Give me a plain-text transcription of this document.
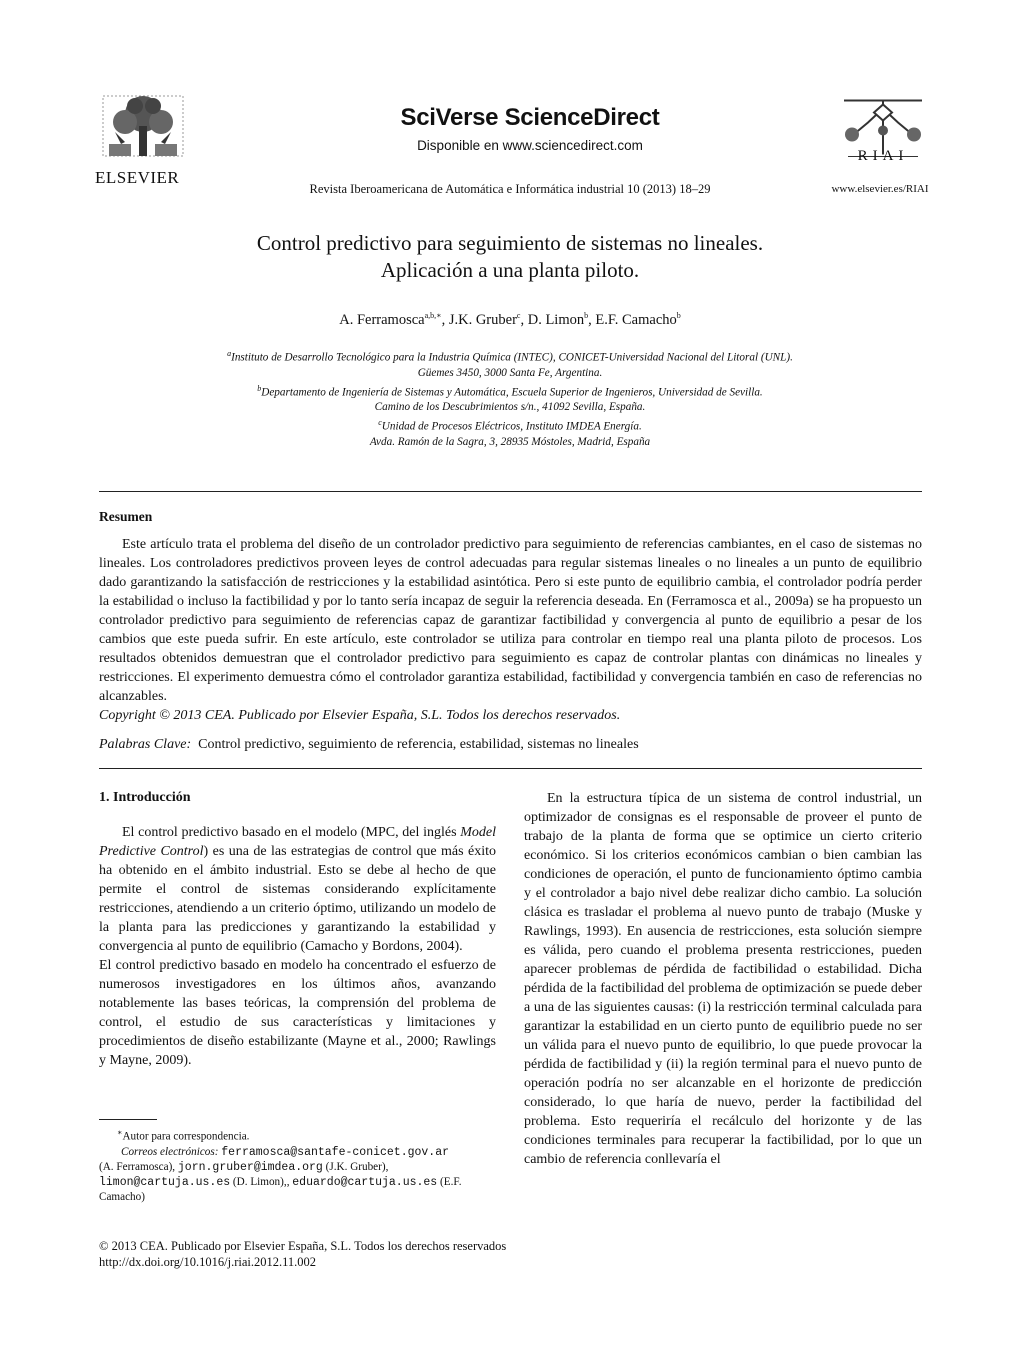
ELSEVIER
SciVerse ScienceDirect
Disponible en www.sciencedirect.com
Revista Iberoamericana de Automática e Informática industrial 10 (2013) 18–29
RIAI
www.elsevier.es/RIAI
Control predictivo para seguimiento de sistemas no lineales.
Aplicación a una planta piloto.
A. Ferramosca$^{a,b,∗}$, J.K. Gruber$^c$, D. Limon$^b$, E.F. Camacho$^b$
$^a$Instituto de Desarrollo Tecnológico para la Industria Química (INTEC), CONICET-Universidad Nacional del Litoral (UNL).
Güemes 3450, 3000 Santa Fe, Argentina.
$^b$Departamento de Ingeniería de Sistemas y Automática, Escuela Superior de Ingenieros, Universidad de Sevilla.
Camino de los Descubrimientos s/n., 41092 Sevilla, España.
$^c$Unidad de Procesos Eléctricos, Instituto IMDEA Energía.
Avda. Ramón de la Sagra, 3, 28935 Móstoles, Madrid, España
Resumen

Este artículo trata el problema del diseño de un controlador predictivo para seguimiento de referencias cambiantes, en el caso de sistemas no lineales. Los controladores predictivos proveen leyes de control adecuadas para regular sistemas lineales o no lineales a un punto de equilibrio dado garantizando la satisfacción de restricciones y la estabilidad asintótica. Pero si este punto de equilibrio cambia, el controlador podría perder la estabilidad o incluso la factibilidad y por lo tanto sería incapaz de seguir la referencia deseada. En (Ferramosca et al., 2009a) se ha propuesto un controlador predictivo para seguimiento de referencias capaz de garantizar factibilidad y convergencia al punto de equilibrio a pesar de los cambios que este pueda sufrir. En este artículo, este controlador se utiliza para controlar en tiempo real una planta piloto de procesos. Los resultados obtenidos demuestran que el controlador predictivo para seguimiento es capaz de controlar plantas con dinámicas no lineales y restricciones. El experimento demuestra cómo el controlador garantiza estabilidad, factibilidad y convergencia también en caso de referencias no alcanzables.

Copyright © 2013 CEA. Publicado por Elsevier España, S.L. Todos los derechos reservados.

Palabras Clave: Control predictivo, seguimiento de referencia, estabilidad, sistemas no lineales
1. Introducción

El control predictivo basado en el modelo (MPC, del inglés Model Predictive Control) es una de las estrategias de control que más éxito ha obtenido en el ámbito industrial. Esto se debe al hecho de que permite el control de sistemas considerando explícitamente restricciones, atendiendo a un criterio óptimo, utilizando un modelo de la planta para las predicciones y garantizando la estabilidad y convergencia al punto de equilibrio (Camacho y Bordons, 2004).

El control predictivo basado en modelo ha concentrado el esfuerzo de numerosos investigadores en los últimos años, avanzando notablemente las bases teóricas, la comprensión del problema de control, el estudio de sus características y limitaciones y procedimientos de diseño estabilizante (Mayne et al., 2000; Rawlings y Mayne, 2009).

En la estructura típica de un sistema de control industrial, un optimizador de consignas es el responsable de proveer el punto de trabajo de la planta de forma que se optimice un cierto criterio económico. Si los criterios económicos cambian o bien cambian las condiciones de operación, el punto de funcionamiento óptimo cambia y el controlador a bajo nivel debe realizar dicho cambio. La solución clásica es trasladar el problema al nuevo punto de trabajo (Muske y Rawlings, 1993). En ausencia de restricciones, esta solución siempre es válida, pero cuando el problema presenta restricciones, pueden aparecer problemas de pérdida de factibilidad o estabilidad. Dicha pérdida de la factibilidad del problema de optimización se puede deber a una de las siguientes causas: (i) la restricción terminal calculada para garantizar la estabilidad en un cierto punto de equilibrio puede no ser un válida para el nuevo punto de equilibrio, lo que puede provocar la pérdida de factibilidad y (ii) la región terminal para el nuevo punto de operación podría no ser alcanzable en el horizonte de predicción considerado, lo que haría de nuevo, perder la factibilidad del problema. Esto requeriría el recálculo del horizonte y de las condiciones terminales para recuperar la factibilidad, por lo que un cambio de referencia conllevaría el

∗Autor para correspondencia.
Correos electrónicos: ferramosca@santafe-conicet.gov.ar
(A. Ferramosca), jorn.gruber@imdea.org (J.K. Gruber),
limon@cartuja.us.es (D. Limon),, eduardo@cartuja.us.es (E.F. Camacho)
© 2013 CEA. Publicado por Elsevier España, S.L. Todos los derechos reservados
http://dx.doi.org/10.1016/j.riai.2012.11.002
